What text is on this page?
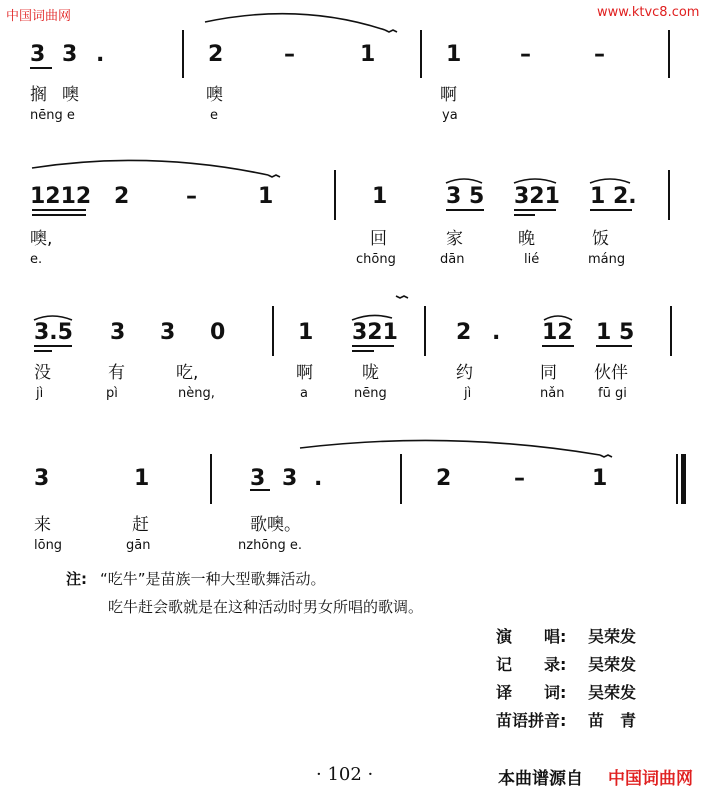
中国词曲网	www.ktvc8.com
3 3 .	2	–	1	1	–	–
搁 噢	噢	啊
nēng e	e	ya
1212 2	–	1	1	3 5 321 1 2.
噢,	回	家	晚	饭
e.	chōng	dān	lié	máng
3.5 3 3 0	1 321	2 . 12 1 5
没	有	吃,	啊	咙	约	同 伙伴
jì	pì	nèng,	a	nēng	jì	nǎn	fū gi
3	1	3 3 .	2	–	1
来	赶	歌噢。
lōng	gān	nzhōng e.
注: “吃牛”是苗族一种大型歌舞活动。
吃牛赶会歌就是在这种活动时男女所唱的歌调。
演　　唱: 吴荣发
记　　录: 吴荣发
译　　词: 吴荣发
苗语拼音: 苗　青
· 102 ·	本曲谱源自 中国词曲网
